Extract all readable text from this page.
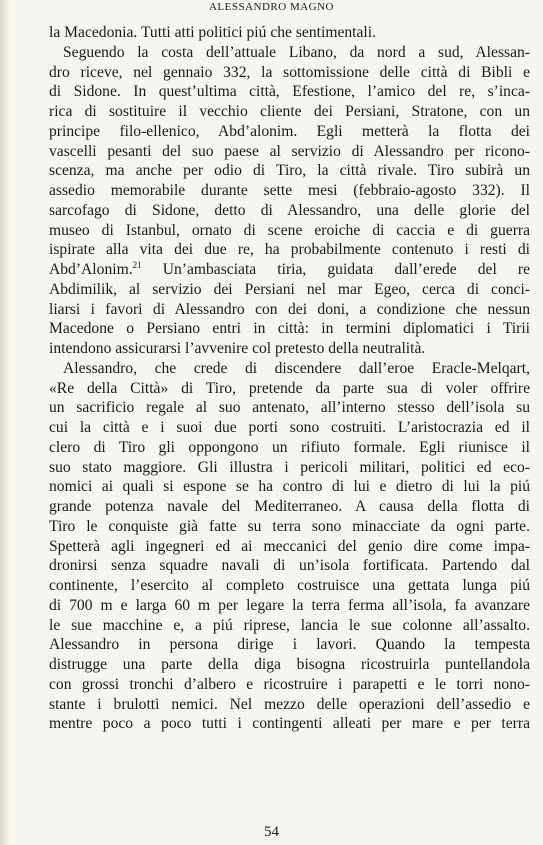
ALESSANDRO MAGNO
la Macedonia. Tutti atti politici piú che sentimentali.
Seguendo la costa dell’attuale Libano, da nord a sud, Alessan-
dro riceve, nel gennaio 332, la sottomissione delle città di Bibli e
di Sidone. In quest’ultima città, Efestione, l’amico del re, s’inca-
rica di sostituire il vecchio cliente dei Persiani, Stratone, con un
principe filo-ellenico, Abd’alonim. Egli metterà la flotta dei
vascelli pesanti del suo paese al servizio di Alessandro per ricono-
scenza, ma anche per odio di Tiro, la città rivale. Tiro subirà un
assedio memorabile durante sette mesi (febbraio-agosto 332). Il
sarcofago di Sidone, detto di Alessandro, una delle glorie del
museo di Istanbul, ornato di scene eroiche di caccia e di guerra
ispirate alla vita dei due re, ha probabilmente contenuto i resti di
Abd’Alonim.$^{21}$ Un’ambasciata tiria, guidata dall’erede del re
Abdimilik, al servizio dei Persiani nel mar Egeo, cerca di conci-
liarsi i favori di Alessandro con dei doni, a condizione che nessun
Macedone o Persiano entri in città: in termini diplomatici i Tirii
intendono assicurarsi l’avvenire col pretesto della neutralità.
Alessandro, che crede di discendere dall’eroe Eracle-Melqart,
«Re della Città» di Tiro, pretende da parte sua di voler offrire
un sacrificio regale al suo antenato, all’interno stesso dell’isola su
cui la città e i suoi due porti sono costruiti. L’aristocrazia ed il
clero di Tiro gli oppongono un rifiuto formale. Egli riunisce il
suo stato maggiore. Gli illustra i pericoli militari, politici ed eco-
nomici ai quali si espone se ha contro di lui e dietro di lui la piú
grande potenza navale del Mediterraneo. A causa della flotta di
Tiro le conquiste già fatte su terra sono minacciate da ogni parte.
Spetterà agli ingegneri ed ai meccanici del genio dire come impa-
dronirsi senza squadre navali di un’isola fortificata. Partendo dal
continente, l’esercito al completo costruisce una gettata lunga piú
di 700 m e larga 60 m per legare la terra ferma all’isola, fa avanzare
le sue macchine e, a piú riprese, lancia le sue colonne all’assalto.
Alessandro in persona dirige i lavori. Quando la tempesta
distrugge una parte della diga bisogna ricostruirla puntellandola
con grossi tronchi d’albero e ricostruire i parapetti e le torri nono-
stante i brulotti nemici. Nel mezzo delle operazioni dell’assedio e
mentre poco a poco tutti i contingenti alleati per mare e per terra
54
